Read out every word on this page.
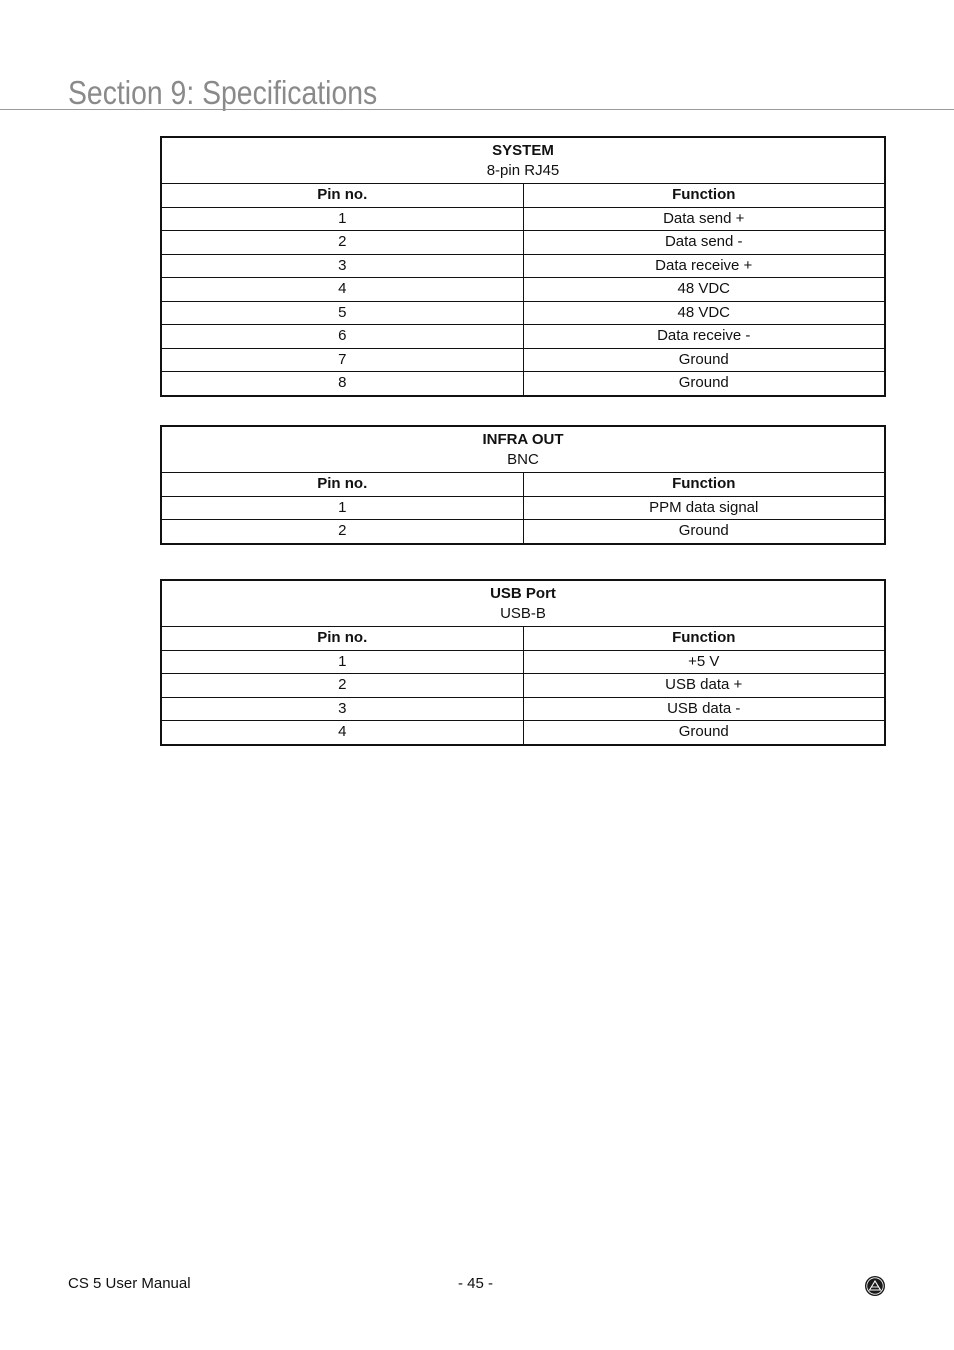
Section 9: Specifications
SYSTEM
8-pin RJ45	

Pin no.	Function
1	Data send +
2	Data send -
3	Data receive +
4	48 VDC
5	48 VDC
6	Data receive -
7	Ground
8	Ground
INFRA OUT
BNC	

Pin no.	Function
1	PPM data signal
2	Ground
USB Port
USB-B	

Pin no.	Function
1	+5 V
2	USB data +
3	USB data -
4	Ground
CS 5 User Manual	- 45 -
